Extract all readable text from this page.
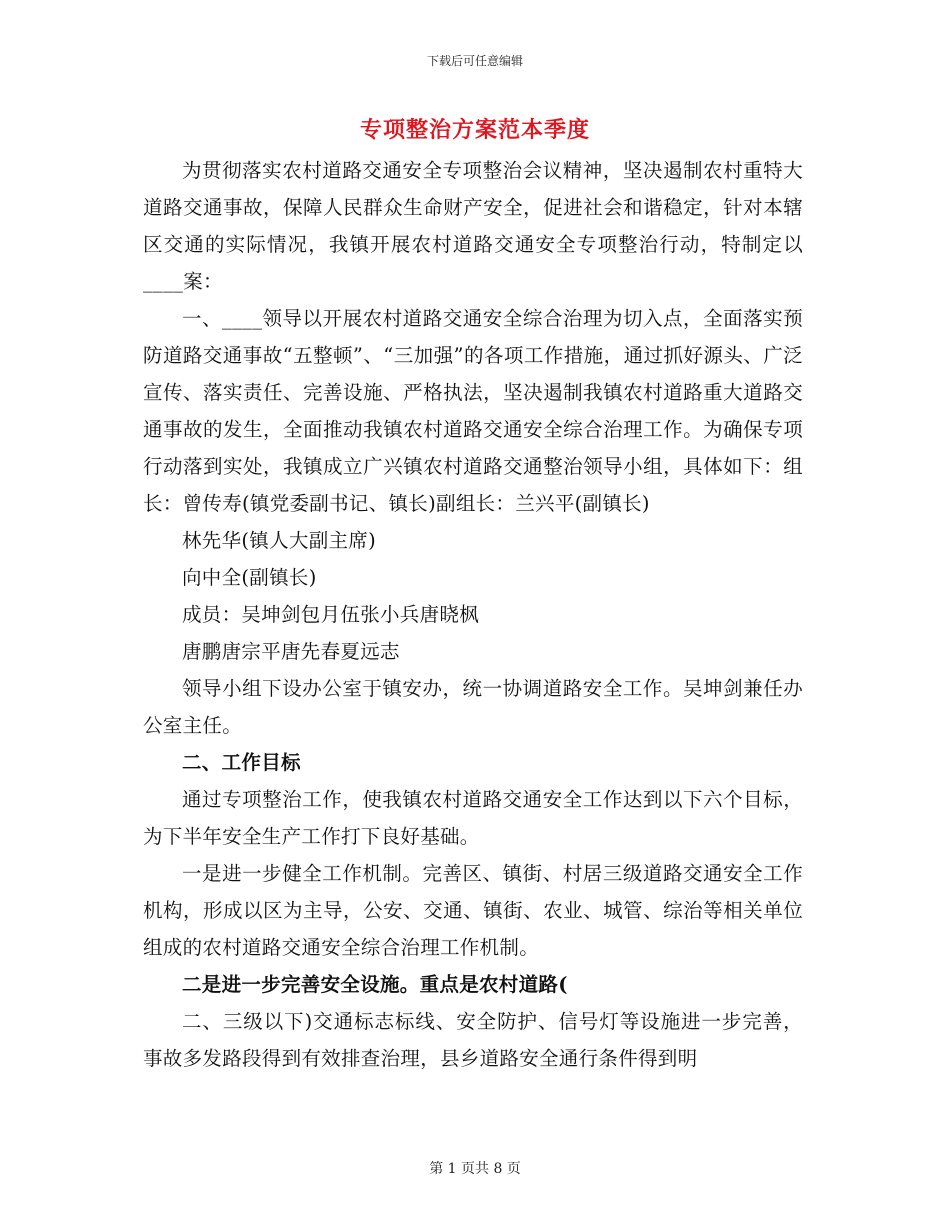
下载后可任意编辑
专项整治方案范本季度

为贯彻落实农村道路交通安全专项整治会议精神，坚决遏制农村重特大道路交通事故，保障人民群众生命财产安全，促进社会和谐稳定，针对本辖区交通的实际情况，我镇开展农村道路交通安全专项整治行动，特制定以____案：

一、____领导以开展农村道路交通安全综合治理为切入点，全面落实预防道路交通事故“五整顿”、“三加强”的各项工作措施，通过抓好源头、广泛宣传、落实责任、完善设施、严格执法，坚决遏制我镇农村道路重大道路交通事故的发生，全面推动我镇农村道路交通安全综合治理工作。为确保专项行动落到实处，我镇成立广兴镇农村道路交通整治领导小组，具体如下：组长：曾传寿(镇党委副书记、镇长)副组长：兰兴平(副镇长)

林先华(镇人大副主席)

向中全(副镇长)

成员：吴坤剑包月伍张小兵唐晓枫

唐鹏唐宗平唐先春夏远志

领导小组下设办公室于镇安办，统一协调道路安全工作。吴坤剑兼任办公室主任。

二、工作目标

通过专项整治工作，使我镇农村道路交通安全工作达到以下六个目标，为下半年安全生产工作打下良好基础。

一是进一步健全工作机制。完善区、镇街、村居三级道路交通安全工作机构，形成以区为主导，公安、交通、镇街、农业、城管、综治等相关单位组成的农村道路交通安全综合治理工作机制。

二是进一步完善安全设施。重点是农村道路(

二、三级以下)交通标志标线、安全防护、信号灯等设施进一步完善，事故多发路段得到有效排查治理，县乡道路安全通行条件得到明

第 1 页共 8 页
